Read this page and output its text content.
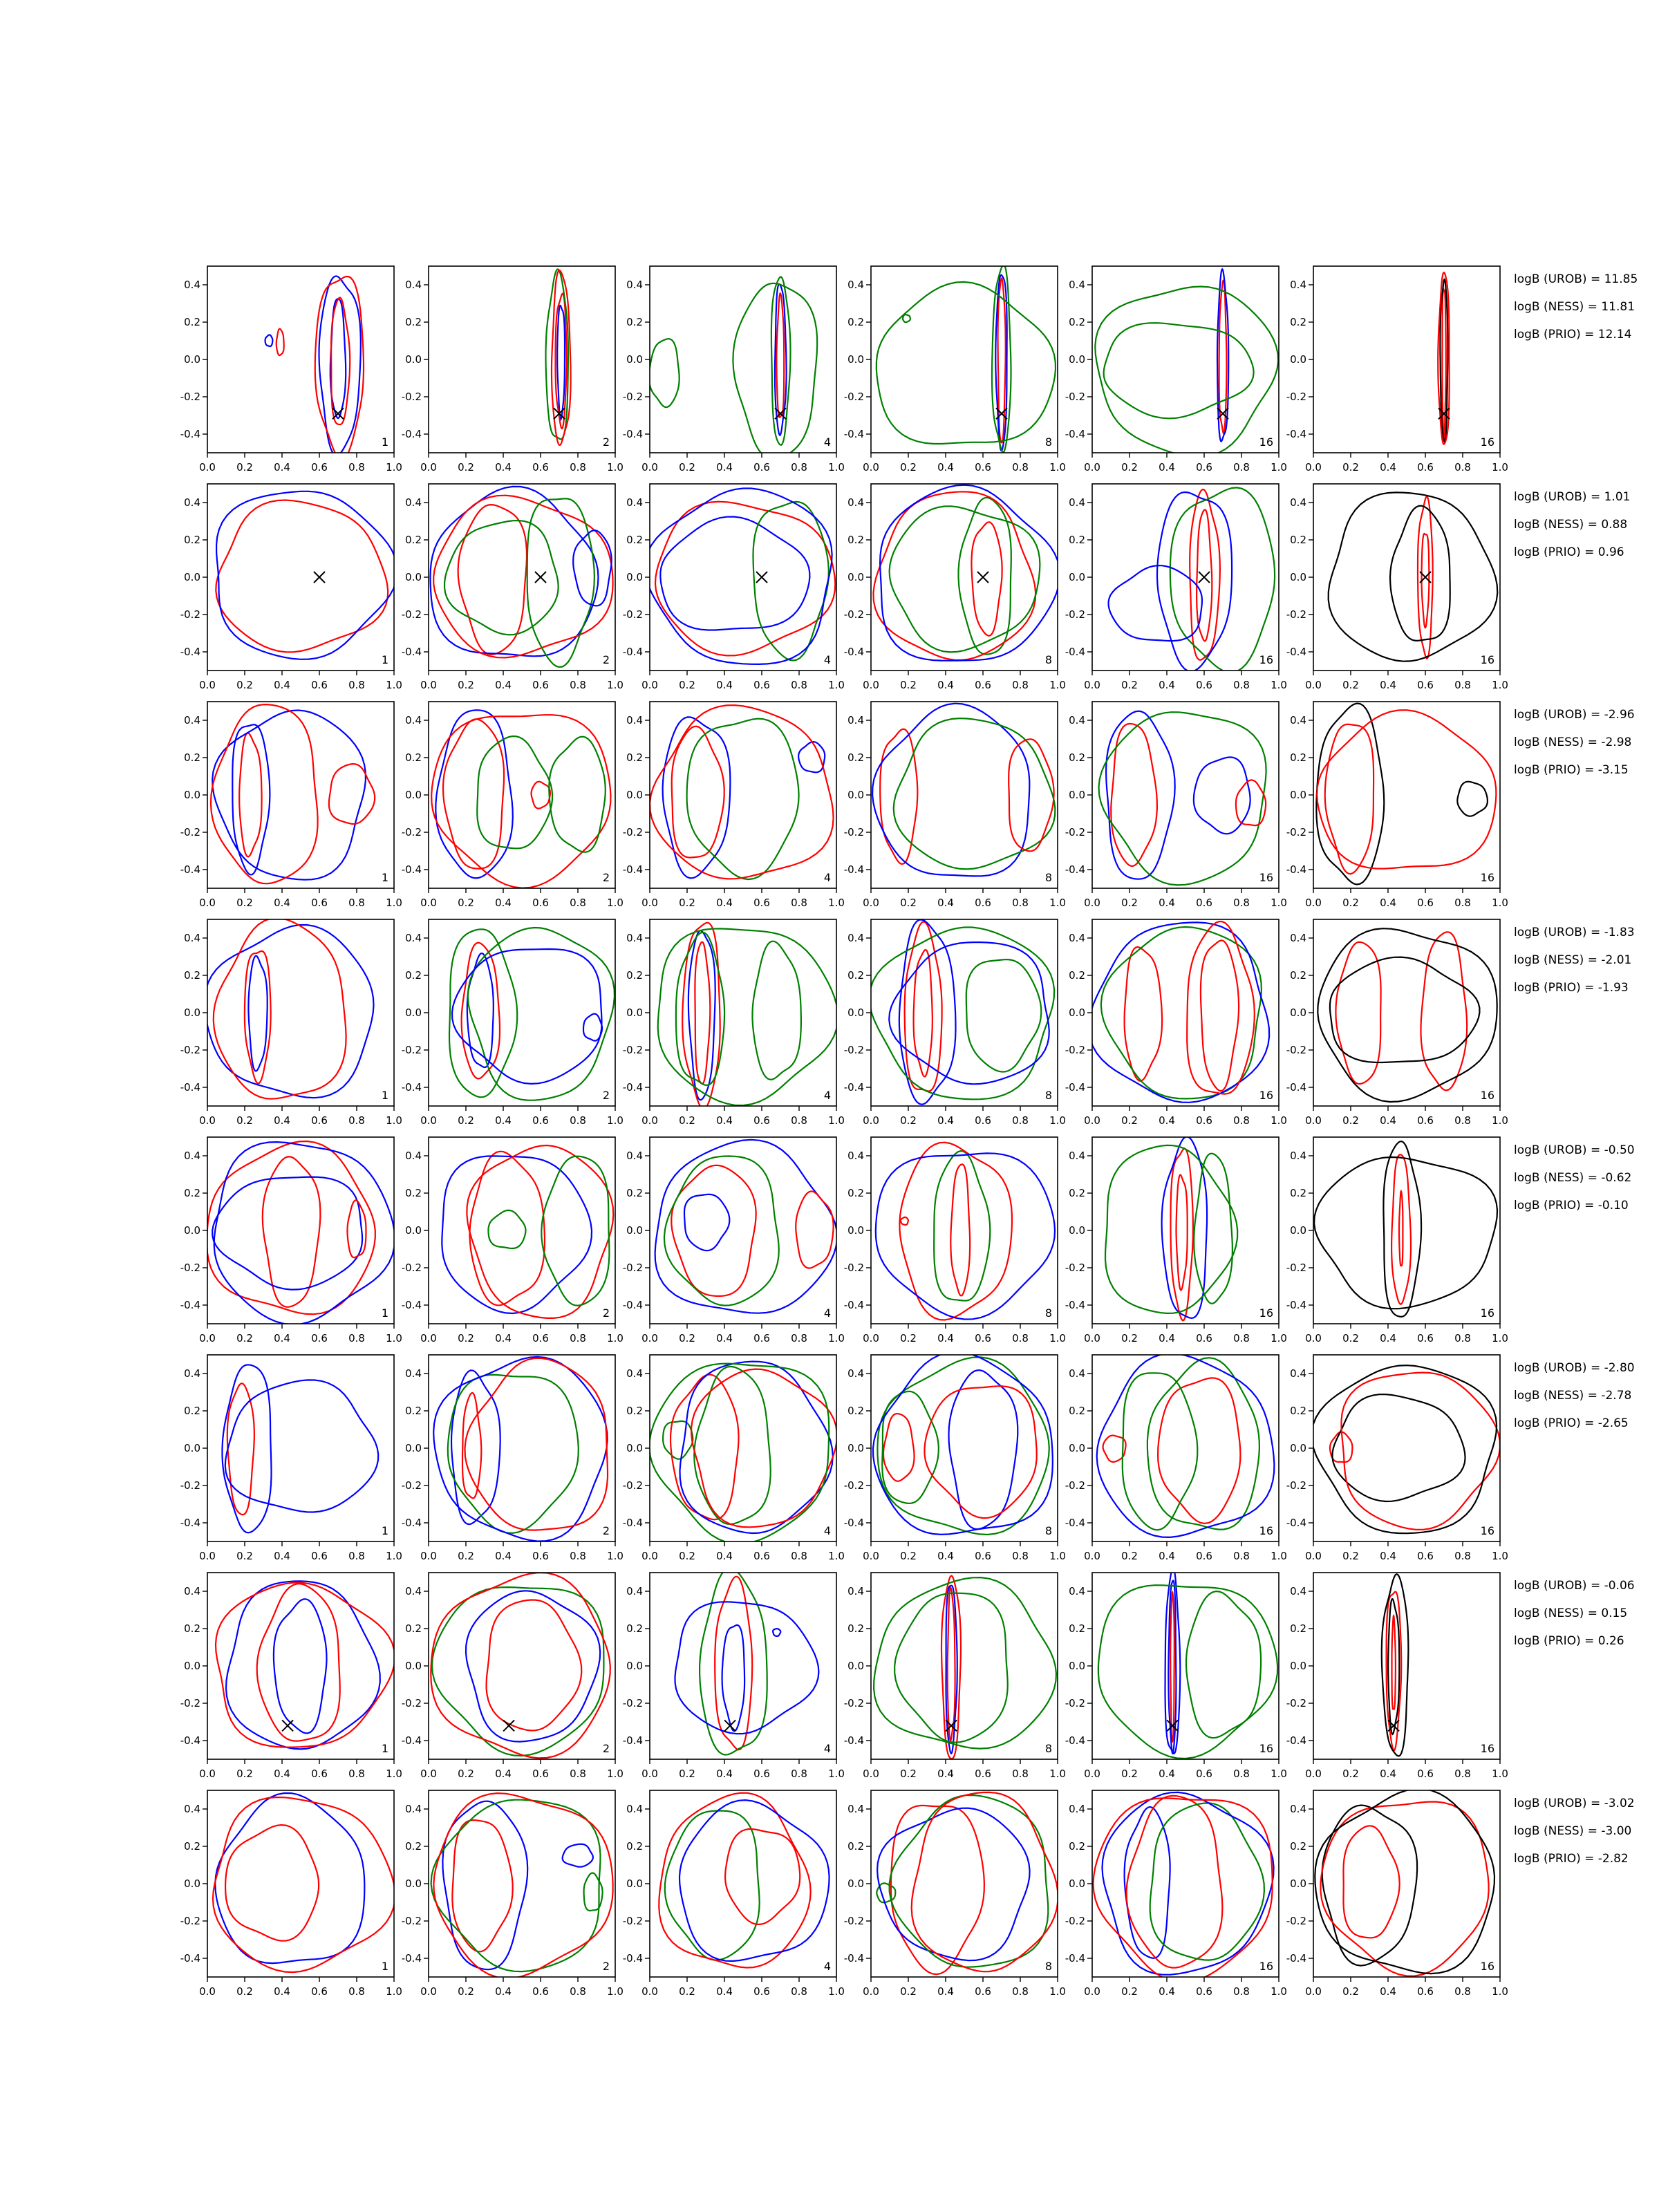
0.0 0.2 0.4 0.6 0.8 1.0
-0.4
-0.2
0.0
0.2
0.4
1
0.0 0.2 0.4 0.6 0.8 1.0
-0.4
-0.2
0.0
0.2
0.4
2
0.0 0.2 0.4 0.6 0.8 1.0
-0.4
-0.2
0.0
0.2
0.4
4
0.0 0.2 0.4 0.6 0.8 1.0
-0.4
-0.2
0.0
0.2
0.4
8
0.0 0.2 0.4 0.6 0.8 1.0
-0.4
-0.2
0.0
0.2
0.4
16
0.0 0.2 0.4 0.6 0.8 1.0
-0.4
-0.2
0.0
0.2
0.4
16
logB (UROB) = 11.85
logB (NESS) = 11.81
logB (PRIO) = 12.14
0.0 0.2 0.4 0.6 0.8 1.0
-0.4
-0.2
0.0
0.2
0.4
1
0.0 0.2 0.4 0.6 0.8 1.0
-0.4
-0.2
0.0
0.2
0.4
2
0.0 0.2 0.4 0.6 0.8 1.0
-0.4
-0.2
0.0
0.2
0.4
4
0.0 0.2 0.4 0.6 0.8 1.0
-0.4
-0.2
0.0
0.2
0.4
8
0.0 0.2 0.4 0.6 0.8 1.0
-0.4
-0.2
0.0
0.2
0.4
16
0.0 0.2 0.4 0.6 0.8 1.0
-0.4
-0.2
0.0
0.2
0.4
16
logB (UROB) = 1.01
logB (NESS) = 0.88
logB (PRIO) = 0.96
0.0 0.2 0.4 0.6 0.8 1.0
-0.4
-0.2
0.0
0.2
0.4
1
0.0 0.2 0.4 0.6 0.8 1.0
-0.4
-0.2
0.0
0.2
0.4
2
0.0 0.2 0.4 0.6 0.8 1.0
-0.4
-0.2
0.0
0.2
0.4
4
0.0 0.2 0.4 0.6 0.8 1.0
-0.4
-0.2
0.0
0.2
0.4
8
0.0 0.2 0.4 0.6 0.8 1.0
-0.4
-0.2
0.0
0.2
0.4
16
0.0 0.2 0.4 0.6 0.8 1.0
-0.4
-0.2
0.0
0.2
0.4
16
logB (UROB) = -2.96
logB (NESS) = -2.98
logB (PRIO) = -3.15
0.0 0.2 0.4 0.6 0.8 1.0
-0.4
-0.2
0.0
0.2
0.4
1
0.0 0.2 0.4 0.6 0.8 1.0
-0.4
-0.2
0.0
0.2
0.4
2
0.0 0.2 0.4 0.6 0.8 1.0
-0.4
-0.2
0.0
0.2
0.4
4
0.0 0.2 0.4 0.6 0.8 1.0
-0.4
-0.2
0.0
0.2
0.4
8
0.0 0.2 0.4 0.6 0.8 1.0
-0.4
-0.2
0.0
0.2
0.4
16
0.0 0.2 0.4 0.6 0.8 1.0
-0.4
-0.2
0.0
0.2
0.4
16
logB (UROB) = -1.83
logB (NESS) = -2.01
logB (PRIO) = -1.93
0.0 0.2 0.4 0.6 0.8 1.0
-0.4
-0.2
0.0
0.2
0.4
1
0.0 0.2 0.4 0.6 0.8 1.0
-0.4
-0.2
0.0
0.2
0.4
2
0.0 0.2 0.4 0.6 0.8 1.0
-0.4
-0.2
0.0
0.2
0.4
4
0.0 0.2 0.4 0.6 0.8 1.0
-0.4
-0.2
0.0
0.2
0.4
8
0.0 0.2 0.4 0.6 0.8 1.0
-0.4
-0.2
0.0
0.2
0.4
16
0.0 0.2 0.4 0.6 0.8 1.0
-0.4
-0.2
0.0
0.2
0.4
16
logB (UROB) = -0.50
logB (NESS) = -0.62
logB (PRIO) = -0.10
0.0 0.2 0.4 0.6 0.8 1.0
-0.4
-0.2
0.0
0.2
0.4
1
0.0 0.2 0.4 0.6 0.8 1.0
-0.4
-0.2
0.0
0.2
0.4
2
0.0 0.2 0.4 0.6 0.8 1.0
-0.4
-0.2
0.0
0.2
0.4
4
0.0 0.2 0.4 0.6 0.8 1.0
-0.4
-0.2
0.0
0.2
0.4
8
0.0 0.2 0.4 0.6 0.8 1.0
-0.4
-0.2
0.0
0.2
0.4
16
0.0 0.2 0.4 0.6 0.8 1.0
-0.4
-0.2
0.0
0.2
0.4
16
logB (UROB) = -2.80
logB (NESS) = -2.78
logB (PRIO) = -2.65
0.0 0.2 0.4 0.6 0.8 1.0
-0.4
-0.2
0.0
0.2
0.4
1
0.0 0.2 0.4 0.6 0.8 1.0
-0.4
-0.2
0.0
0.2
0.4
2
0.0 0.2 0.4 0.6 0.8 1.0
-0.4
-0.2
0.0
0.2
0.4
4
0.0 0.2 0.4 0.6 0.8 1.0
-0.4
-0.2
0.0
0.2
0.4
8
0.0 0.2 0.4 0.6 0.8 1.0
-0.4
-0.2
0.0
0.2
0.4
16
0.0 0.2 0.4 0.6 0.8 1.0
-0.4
-0.2
0.0
0.2
0.4
16
logB (UROB) = -0.06
logB (NESS) = 0.15
logB (PRIO) = 0.26
0.0 0.2 0.4 0.6 0.8 1.0
-0.4
-0.2
0.0
0.2
0.4
1
0.0 0.2 0.4 0.6 0.8 1.0
-0.4
-0.2
0.0
0.2
0.4
2
0.0 0.2 0.4 0.6 0.8 1.0
-0.4
-0.2
0.0
0.2
0.4
4
0.0 0.2 0.4 0.6 0.8 1.0
-0.4
-0.2
0.0
0.2
0.4
8
0.0 0.2 0.4 0.6 0.8 1.0
-0.4
-0.2
0.0
0.2
0.4
16
0.0 0.2 0.4 0.6 0.8 1.0
-0.4
-0.2
0.0
0.2
0.4
16
logB (UROB) = -3.02
logB (NESS) = -3.00
logB (PRIO) = -2.82
